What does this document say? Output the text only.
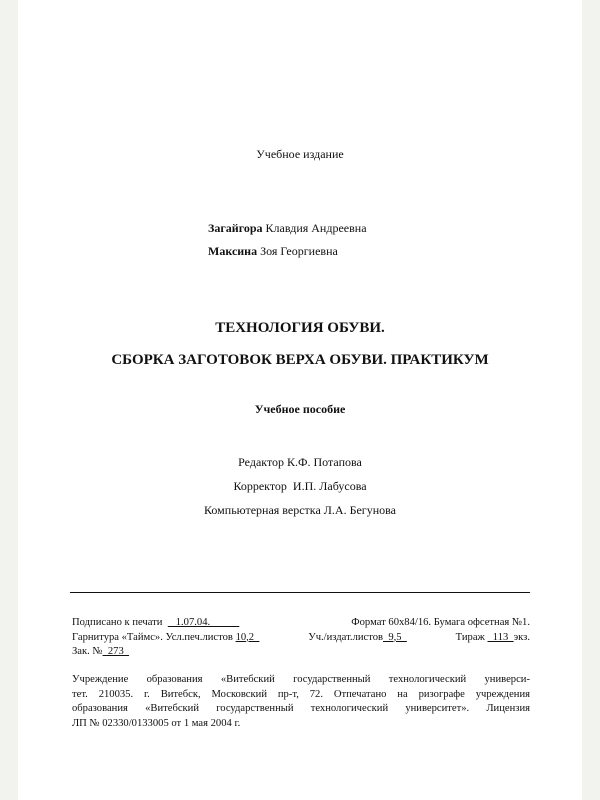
Учебное издание
Загайгора Клавдия Андреевна
Максина Зоя Георгиевна
ТЕХНОЛОГИЯ ОБУВИ.
СБОРКА ЗАГОТОВОК ВЕРХА ОБУВИ. ПРАКТИКУМ
Учебное пособие
Редактор К.Ф. Потапова
Корректор  И.П. Лабусова
Компьютерная верстка Л.А. Бегунова
Подписано к печати     1.07.04.	Формат 60х84/16. Бумага офсетная №1.
Гарнитура «Таймс». Усл.печ.листов 10,2	Уч./издат.листов  9,5	Тираж   113  экз.
Зак. №  273
Учреждение образования «Витебский государственный технологический универси-
тет. 210035. г. Витебск, Московский пр-т, 72. Отпечатано на ризографе учреждения
образования «Витебский государственный технологический университет». Лицензия
ЛП № 02330/0133005 от 1 мая 2004 г.
